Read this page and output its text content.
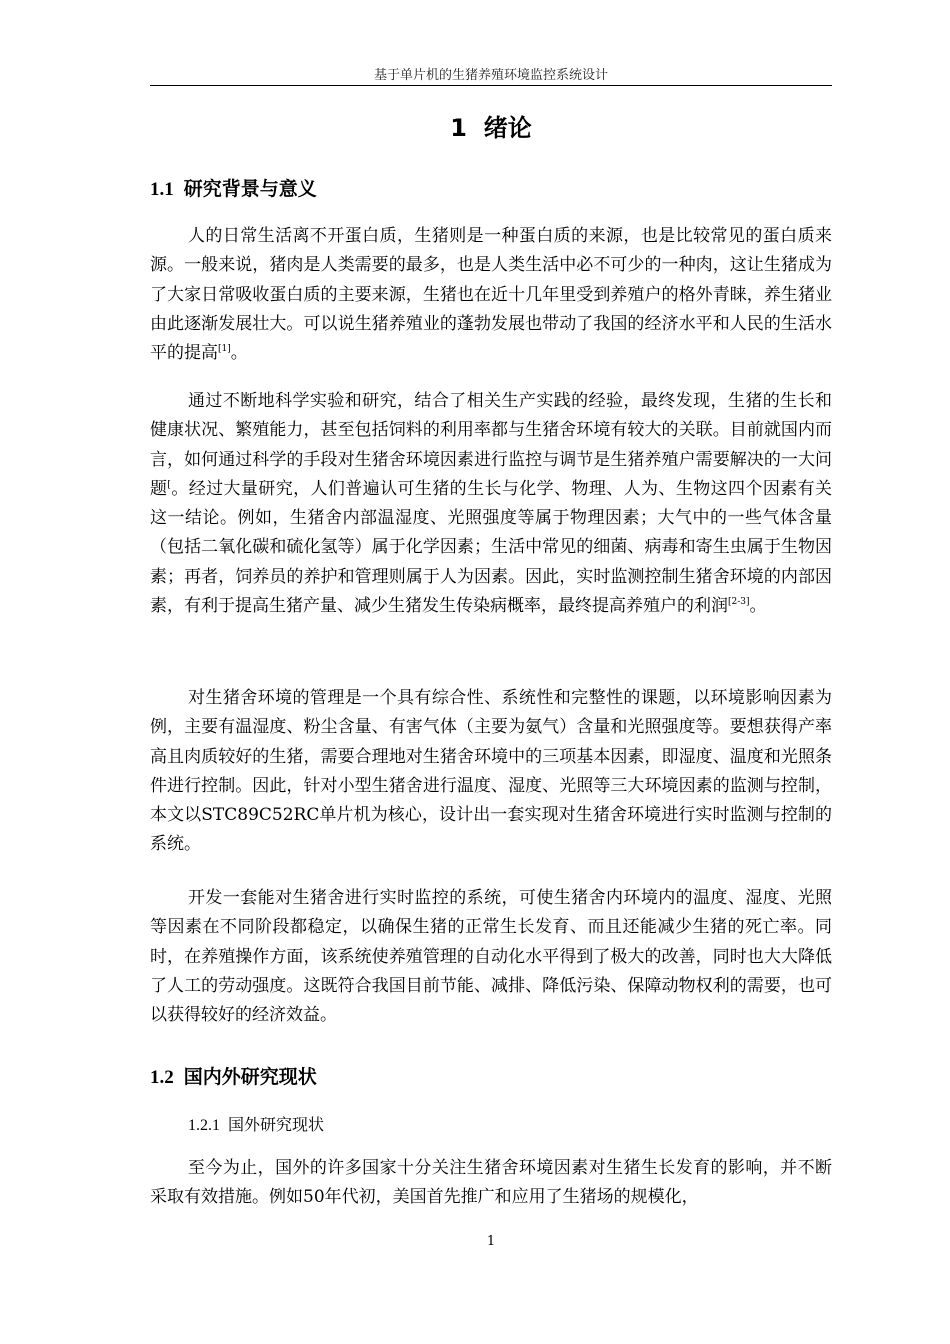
基于单片机的生猪养殖环境监控系统设计
1 绪论
1.1 研究背景与意义

人的日常生活离不开蛋白质，生猪则是一种蛋白质的来源，也是比较常见的蛋白质来源。一般来说，猪肉是人类需要的最多，也是人类生活中必不可少的一种肉，这让生猪成为了大家日常吸收蛋白质的主要来源，生猪也在近十几年里受到养殖户的格外青睐，养生猪业由此逐渐发展壮大。可以说生猪养殖业的蓬勃发展也带动了我国的经济水平和人民的生活水平的提高[1]。

通过不断地科学实验和研究，结合了相关生产实践的经验，最终发现，生猪的生长和健康状况、繁殖能力，甚至包括饲料的利用率都与生猪舍环境有较大的关联。目前就国内而言，如何通过科学的手段对生猪舍环境因素进行监控与调节是生猪养殖户需要解决的一大问题[。经过大量研究，人们普遍认可生猪的生长与化学、物理、人为、生物这四个因素有关这一结论。例如，生猪舍内部温湿度、光照强度等属于物理因素；大气中的一些气体含量（包括二氧化碳和硫化氢等）属于化学因素；生活中常见的细菌、病毒和寄生虫属于生物因素；再者，饲养员的养护和管理则属于人为因素。因此，实时监测控制生猪舍环境的内部因素，有利于提高生猪产量、减少生猪发生传染病概率，最终提高养殖户的利润[2-3]。

对生猪舍环境的管理是一个具有综合性、系统性和完整性的课题，以环境影响因素为例，主要有温湿度、粉尘含量、有害气体（主要为氨气）含量和光照强度等。要想获得产率高且肉质较好的生猪，需要合理地对生猪舍环境中的三项基本因素，即湿度、温度和光照条件进行控制。因此，针对小型生猪舍进行温度、湿度、光照等三大环境因素的监测与控制，本文以STC89C52RC单片机为核心，设计出一套实现对生猪舍环境进行实时监测与控制的系统。

开发一套能对生猪舍进行实时监控的系统，可使生猪舍内环境内的温度、湿度、光照等因素在不同阶段都稳定，以确保生猪的正常生长发育、而且还能减少生猪的死亡率。同时，在养殖操作方面，该系统使养殖管理的自动化水平得到了极大的改善，同时也大大降低了人工的劳动强度。这既符合我国目前节能、减排、降低污染、保障动物权利的需要，也可以获得较好的经济效益。

1.2 国内外研究现状
1.2.1 国外研究现状

至今为止，国外的许多国家十分关注生猪舍环境因素对生猪生长发育的影响，并不断采取有效措施。例如50年代初，美国首先推广和应用了生猪场的规模化，

1
